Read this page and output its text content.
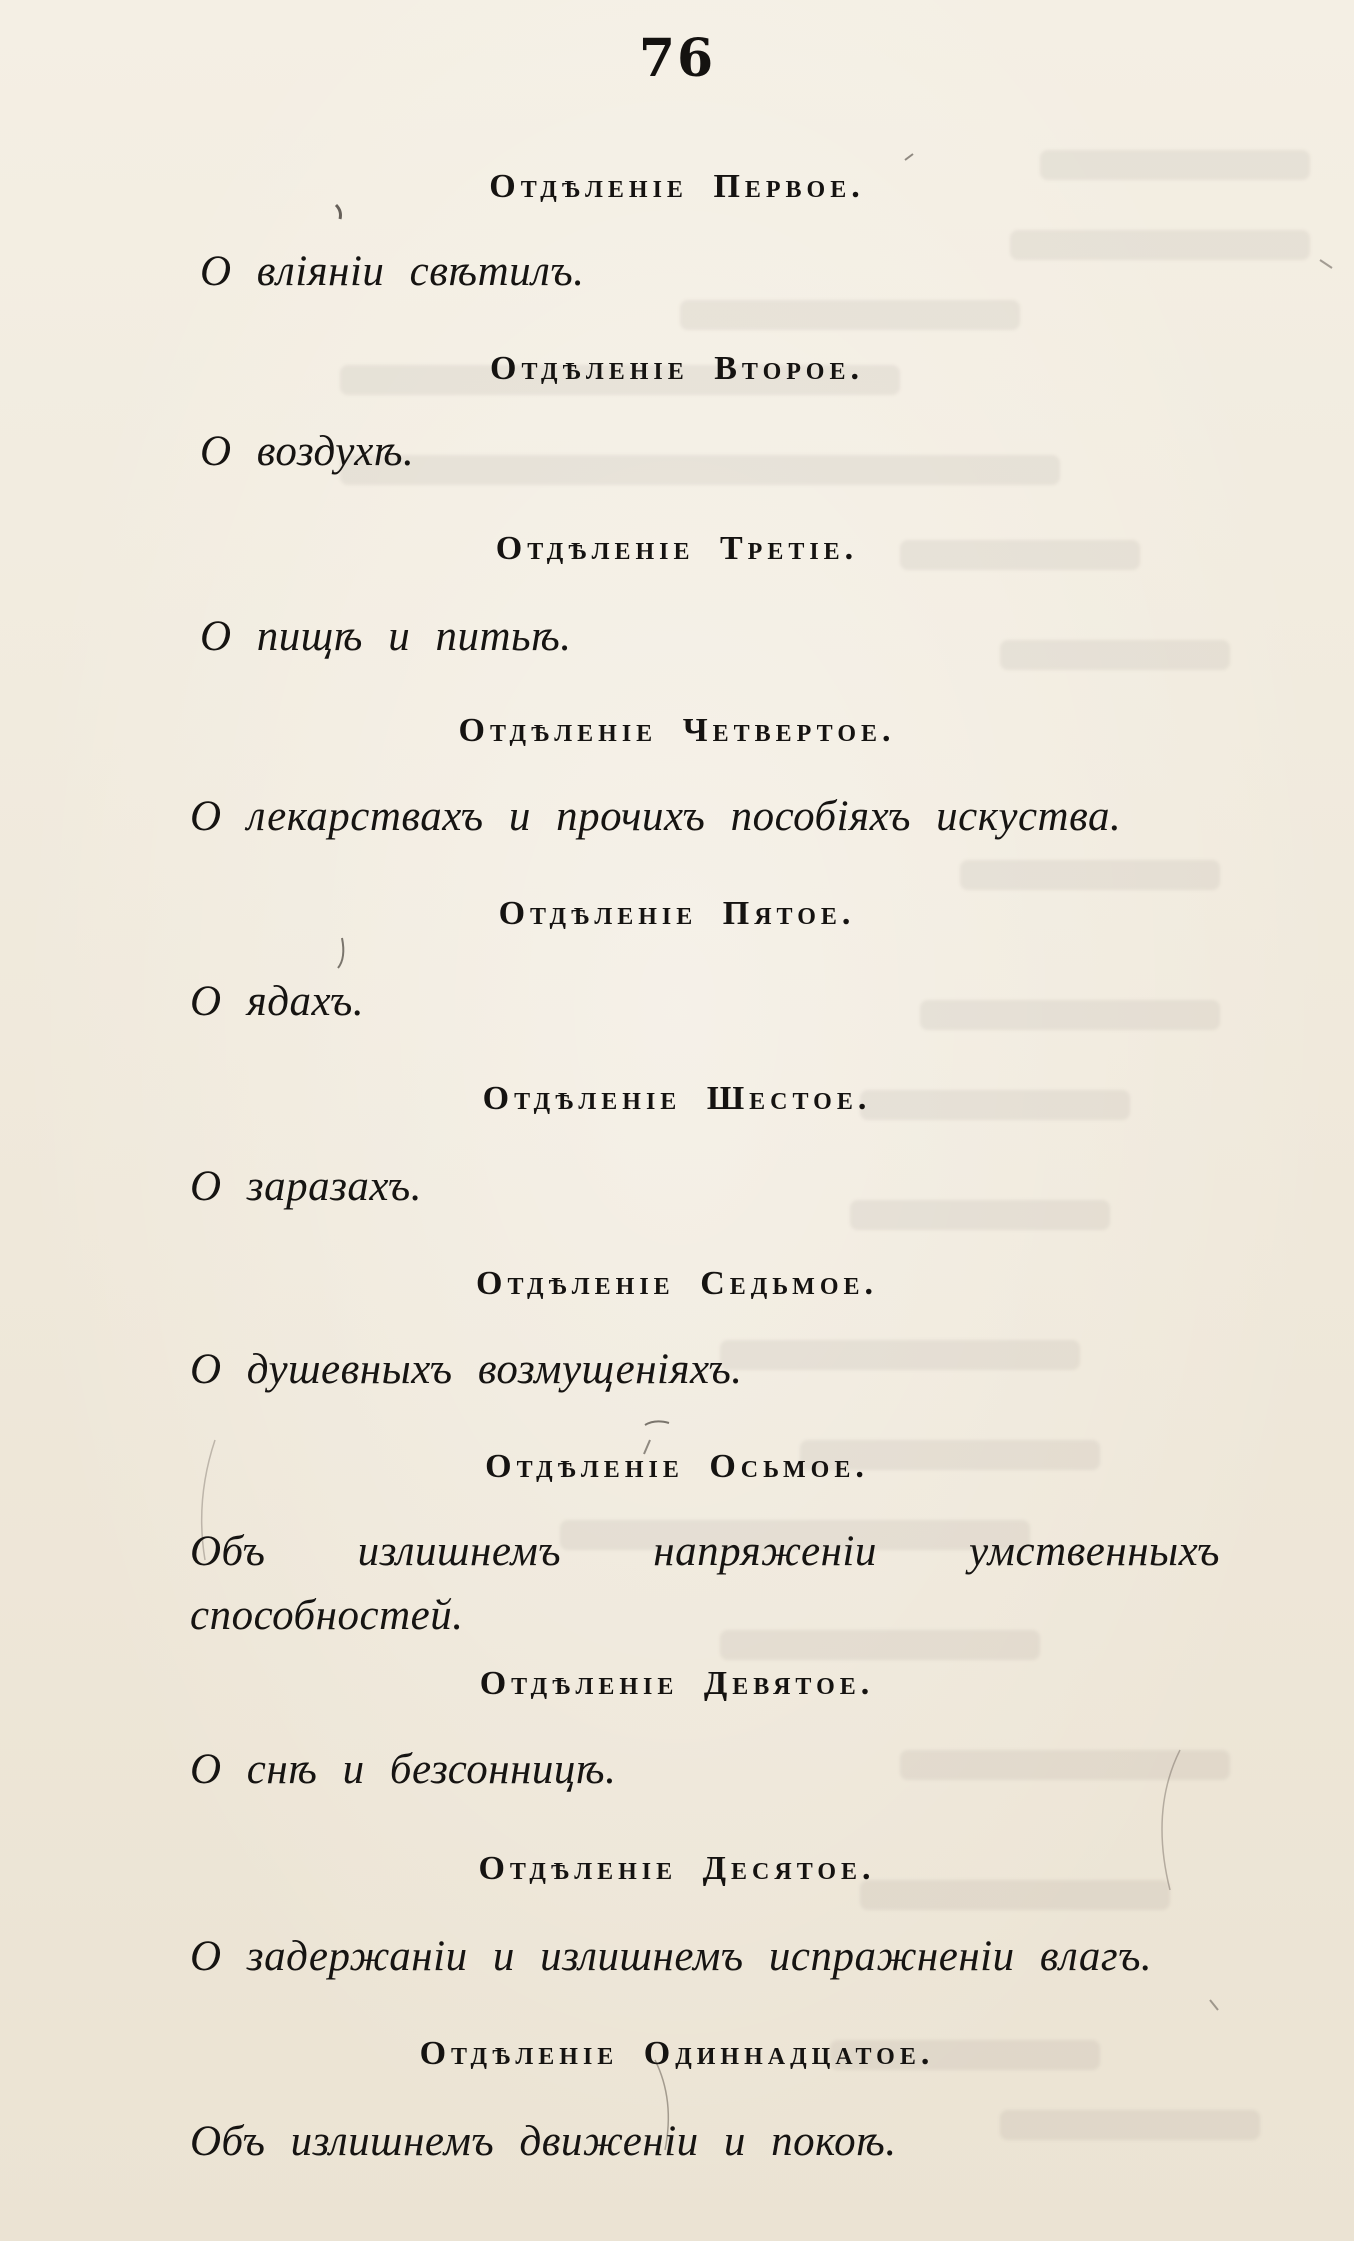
76
Отдѣленіе Первое.
О вліяніи свѣтилъ.
Отдѣленіе Второе.
О воздухѣ.
Отдѣленіе Третіе.
О пищѣ и питьѣ.
Отдѣленіе Четвертое.
О лекарствахъ и прочихъ пособіяхъ искуства.
Отдѣленіе Пятое.
О ядахъ.
Отдѣленіе Шестое.
О заразахъ.
Отдѣленіе Седьмое.
О душевныхъ возмущеніяхъ.
Отдѣленіе Осьмое.
Объ излишнемъ напряженіи умственныхъ способностей.
Отдѣленіе Девятое.
О снѣ и безсонницѣ.
Отдѣленіе Десятое.
О задержаніи и излишнемъ испражненіи влагъ.
Отдѣленіе Одиннадцатое.
Объ излишнемъ движеніи и покоѣ.
